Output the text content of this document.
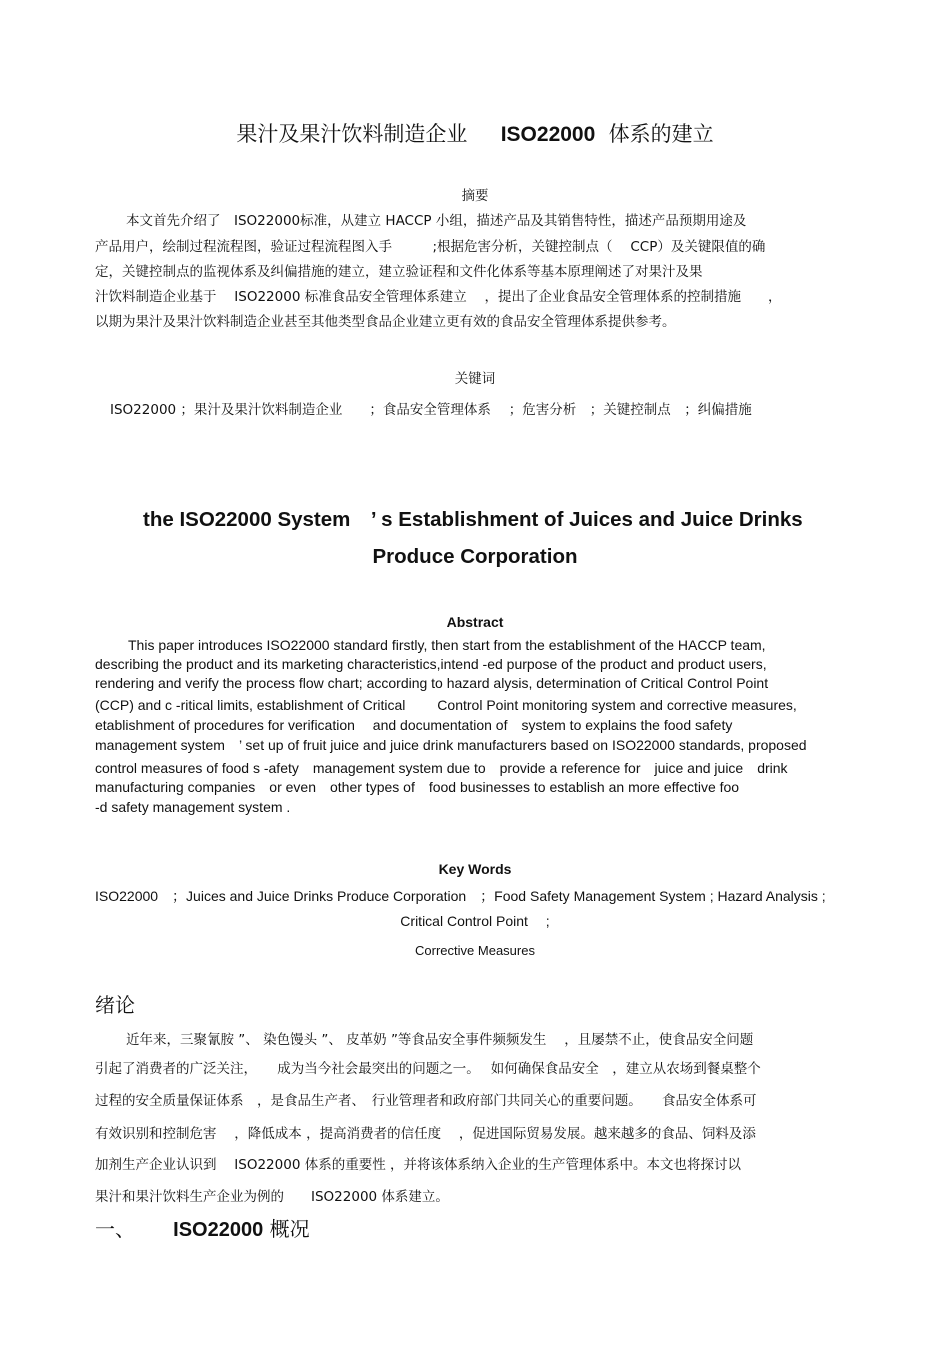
果汁及果汁饮料制造企业 ISO22000 体系的建立
摘要
本文首先介绍了　ISO22000标准，从建立 HACCP 小组，描述产品及其销售特性，描述产品预期用途及
产品用户，绘制过程流程图，验证过程流程图入手　　　;根据危害分析，关键控制点（　 CCP）及关键限值的确
定，关键控制点的监视体系及纠偏措施的建立，建立验证程和文件化体系等基本原理阐述了对果汁及果
汁饮料制造企业基于　 ISO22000 标准食品安全管理体系建立　 ，提出了企业食品安全管理体系的控制措施　　，
以期为果汁及果汁饮料制造企业甚至其他类型食品企业建立更有效的食品安全管理体系提供参考。
关键词
ISO22000 ；果汁及果汁饮料制造企业　　；食品安全管理体系　 ；危害分析　；关键控制点　；纠偏措施
the ISO22000 System　’ s Establishment of Juices and Juice Drinks
Produce Corporation
Abstract
This paper introduces ISO22000 standard firstly, then start from the establishment of the HACCP team,
describing the product and its marketing characteristics,intend -ed purpose of the product and product users,
rendering and verify the process flow chart; according to hazard alysis, determination of Critical Control Point
(CCP) and c -ritical limits, establishment of Critical　　 Control Point monitoring system and corrective measures,
etablishment of procedures for verification　 and documentation of　system to explains the food safety
management system　’ set up of fruit juice and juice drink manufacturers based on ISO22000 standards, proposed
control measures of food s -afety　management system due to　provide a reference for　juice and juice　drink
manufacturing companies　or even　other types of　food businesses to establish an more effective foo
-d safety management system .
Key Words
ISO22000　；Juices and Juice Drinks Produce Corporation　；Food Safety Management System ; Hazard Analysis ;
Critical Control Point　 ;
Corrective Measures
绪论
近年来，三聚氰胺 ”、 染色馒头 ”、 皮革奶 ”等食品安全事件频频发生　 ，且屡禁不止，使食品安全问题
引起了消费者的广泛关注，　　成为当今社会最突出的问题之一。　 如何确保食品安全　，建立从农场到餐桌整个
过程的安全质量保证体系　，是食品生产者、　行业管理者和政府部门共同关心的重要问题。　　食品安全体系可
有效识别和控制危害　 ，降低成本 ，提高消费者的信任度　 ，促进国际贸易发展。越来越多的食品、饲料及添
加剂生产企业认识到　 ISO22000 体系的重要性 ，并将该体系纳入企业的生产管理体系中。本文也将探讨以
果汁和果汁饮料生产企业为例的　　ISO22000 体系建立。
一、 ISO22000 概况
